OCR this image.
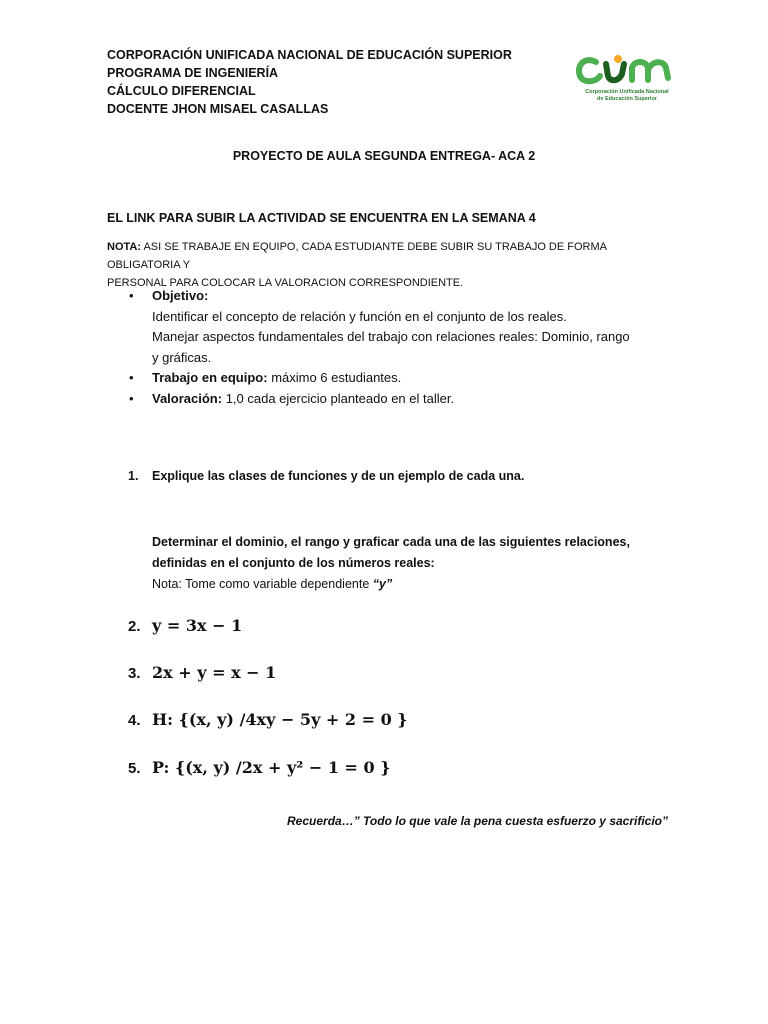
CORPORACIÓN UNIFICADA NACIONAL DE EDUCACIÓN SUPERIOR
PROGRAMA DE INGENIERÍA
CÁLCULO DIFERENCIAL
DOCENTE JHON MISAEL CASALLAS
Corporación Unificada Nacional
de Educación Superior
PROYECTO DE AULA SEGUNDA ENTREGA- ACA 2
EL LINK PARA SUBIR LA ACTIVIDAD SE ENCUENTRA EN LA SEMANA 4
NOTA: ASI SE TRABAJE EN EQUIPO, CADA ESTUDIANTE DEBE SUBIR SU TRABAJO DE FORMA OBLIGATORIA Y
PERSONAL PARA COLOCAR LA VALORACION CORRESPONDIENTE.
• Objetivo:
Identificar el concepto de relación y función en el conjunto de los reales.
Manejar aspectos fundamentales del trabajo con relaciones reales: Dominio, rango
y gráficas.
• Trabajo en equipo: máximo 6 estudiantes.
• Valoración: 1,0 cada ejercicio planteado en el taller.
1. Explique las clases de funciones y de un ejemplo de cada una.
Determinar el dominio, el rango y graficar cada una de las siguientes relaciones,
definidas en el conjunto de los números reales:
Nota: Tome como variable dependiente “y”
2. y = 3x − 1
3. 2x + y = x − 1
4. H: {(x, y) /4xy − 5y + 2 = 0 }
5. P: {(x, y) /2x + y² − 1 = 0 }
Recuerda…” Todo lo que vale la pena cuesta esfuerzo y sacrificio”
